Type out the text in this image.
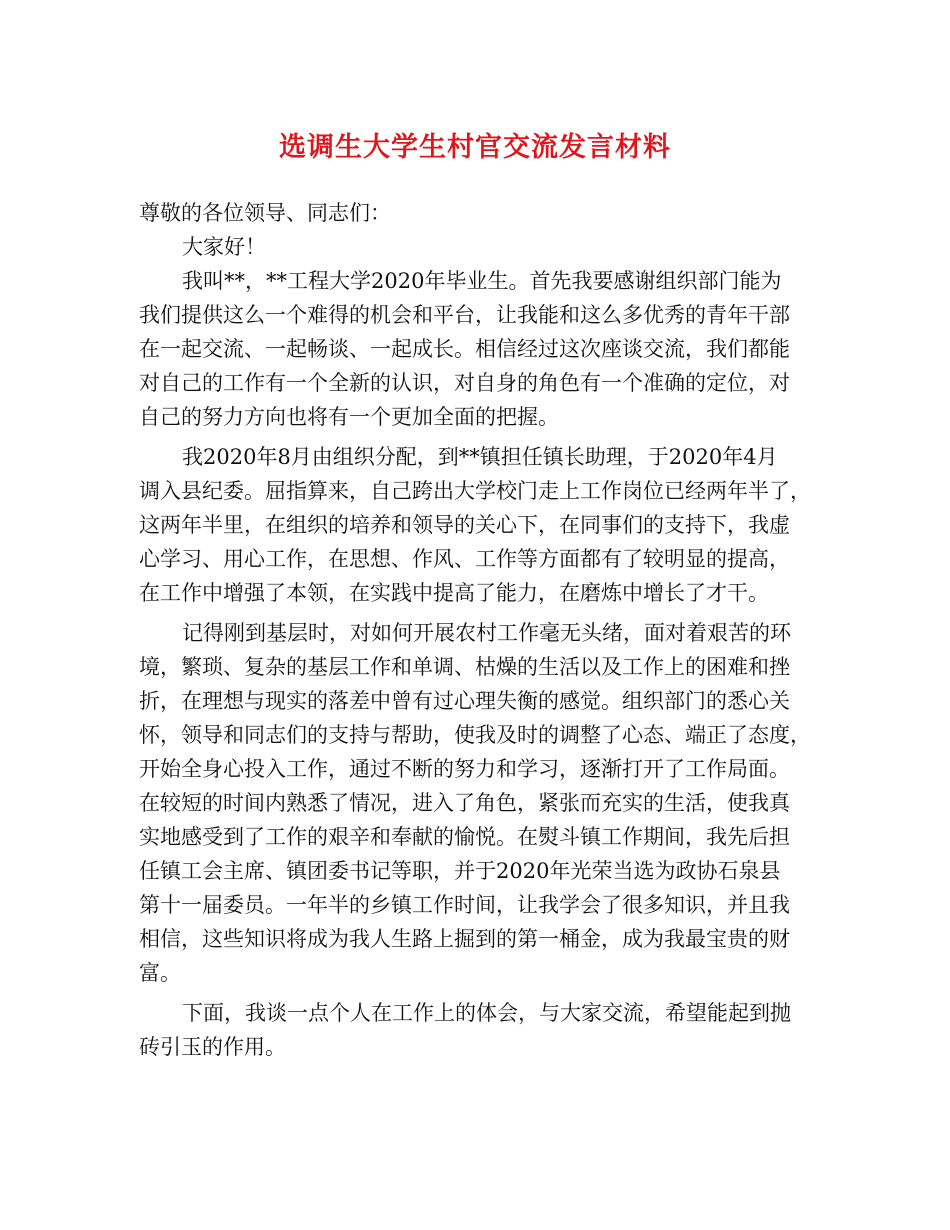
选调生大学生村官交流发言材料

尊敬的各位领导、同志们：

大家好！

我叫**，**工程大学2020年毕业生。首先我要感谢组织部门能为

我们提供这么一个难得的机会和平台，让我能和这么多优秀的青年干部

在一起交流、一起畅谈、一起成长。相信经过这次座谈交流，我们都能

对自己的工作有一个全新的认识，对自身的角色有一个准确的定位，对

自己的努力方向也将有一个更加全面的把握。

我2020年8月由组织分配，到**镇担任镇长助理，于2020年4月

调入县纪委。屈指算来，自己跨出大学校门走上工作岗位已经两年半了，

这两年半里，在组织的培养和领导的关心下，在同事们的支持下，我虚

心学习、用心工作，在思想、作风、工作等方面都有了较明显的提高，

在工作中增强了本领，在实践中提高了能力，在磨炼中增长了才干。

记得刚到基层时，对如何开展农村工作毫无头绪，面对着艰苦的环

境，繁琐、复杂的基层工作和单调、枯燥的生活以及工作上的困难和挫

折，在理想与现实的落差中曾有过心理失衡的感觉。组织部门的悉心关

怀，领导和同志们的支持与帮助，使我及时的调整了心态、端正了态度，

开始全身心投入工作，通过不断的努力和学习，逐渐打开了工作局面。

在较短的时间内熟悉了情况，进入了角色，紧张而充实的生活，使我真

实地感受到了工作的艰辛和奉献的愉悦。在熨斗镇工作期间，我先后担

任镇工会主席、镇团委书记等职，并于2020年光荣当选为政协石泉县

第十一届委员。一年半的乡镇工作时间，让我学会了很多知识，并且我

相信，这些知识将成为我人生路上掘到的第一桶金，成为我最宝贵的财

富。

下面，我谈一点个人在工作上的体会，与大家交流，希望能起到抛

砖引玉的作用。
